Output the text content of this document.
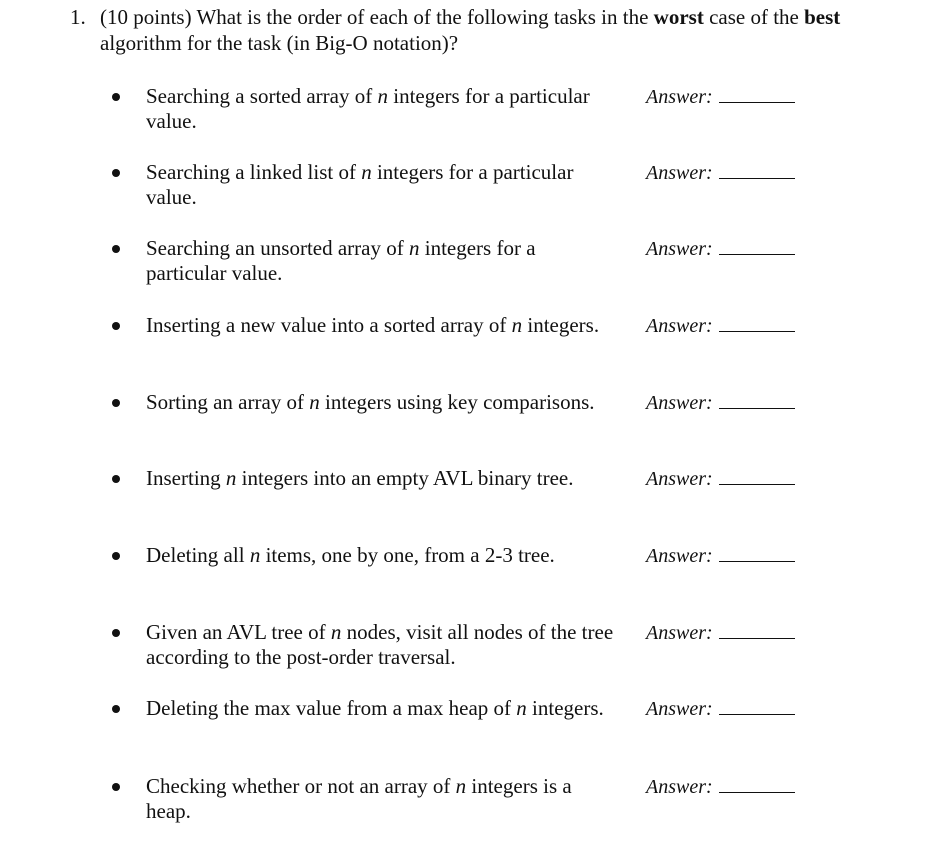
1. (10 points) What is the order of each of the following tasks in the worst case of the best algorithm for the task (in Big-O notation)?
Searching a sorted array of n integers for a particular value.
Answer:
Searching a linked list of n integers for a particular value.
Answer:
Searching an unsorted array of n integers for a particular value.
Answer:
Inserting a new value into a sorted array of n integers.	Answer:
Sorting an array of n integers using key comparisons.	Answer:
Inserting n integers into an empty AVL binary tree.	Answer:
Deleting all n items, one by one, from a 2-3 tree.	Answer:
Given an AVL tree of n nodes, visit all nodes of the tree according to the post-order traversal.
Answer:
Deleting the max value from a max heap of n integers.	Answer:
Checking whether or not an array of n integers is a heap.
Answer:
